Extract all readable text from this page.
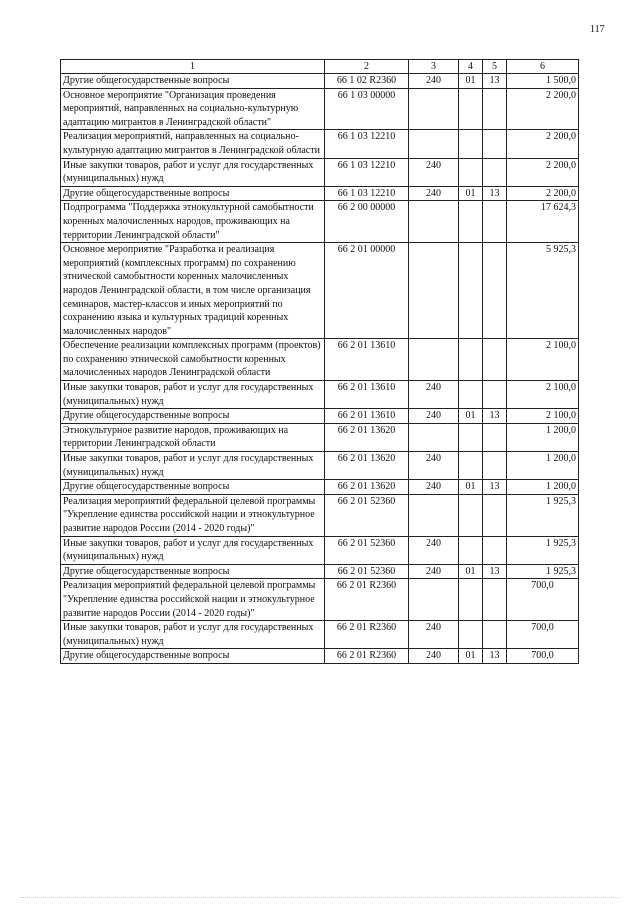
117
1	2	3	4	5	6
Другие общегосударственные вопросы	66 1 02 R2360	240	01	13	1 500,0
Основное мероприятие "Организация проведения мероприятий, направленных на социально-культурную адаптацию мигрантов в Ленинградской области"	66 1 03 00000				2 200,0
Реализация мероприятий, направленных на социально-культурную адаптацию мигрантов в Ленинградской области	66 1 03 12210				2 200,0
Иные закупки товаров, работ и услуг для государственных (муниципальных) нужд	66 1 03 12210	240			2 200,0
Другие общегосударственные вопросы	66 1 03 12210	240	01	13	2 200,0
Подпрограмма "Поддержка этнокультурной самобытности коренных малочисленных народов, проживающих на территории Ленинградской области"	66 2 00 00000				17 624,3
Основное мероприятие "Разработка и реализация мероприятий (комплексных программ) по сохранению этнической самобытности коренных малочисленных народов Ленинградской области, в том числе организация семинаров, мастер-классов и иных мероприятий по сохранению языка и культурных традиций коренных малочисленных народов"	66 2 01 00000				5 925,3
Обеспечение реализации комплексных программ (проектов) по сохранению этнической самобытности коренных малочисленных народов Ленинградской области	66 2 01 13610				2 100,0
Иные закупки товаров, работ и услуг для государственных (муниципальных) нужд	66 2 01 13610	240			2 100,0
Другие общегосударственные вопросы	66 2 01 13610	240	01	13	2 100,0
Этнокультурное развитие народов, проживающих на территории Ленинградской области	66 2 01 13620				1 200,0
Иные закупки товаров, работ и услуг для государственных (муниципальных) нужд	66 2 01 13620	240			1 200,0
Другие общегосударственные вопросы	66 2 01 13620	240	01	13	1 200,0
Реализация мероприятий федеральной целевой программы "Укрепление единства российской нации и этнокультурное развитие народов России (2014 - 2020 годы)"	66 2 01 52360				1 925,3
Иные закупки товаров, работ и услуг для государственных (муниципальных) нужд	66 2 01 52360	240			1 925,3
Другие общегосударственные вопросы	66 2 01 52360	240	01	13	1 925,3
Реализация мероприятий федеральной целевой программы "Укрепление единства российской нации и этнокультурное развитие народов России (2014 - 2020 годы)"	66 2 01 R2360				700,0
Иные закупки товаров, работ и услуг для государственных (муниципальных) нужд	66 2 01 R2360	240			700,0
Другие общегосударственные вопросы	66 2 01 R2360	240	01	13	700,0
